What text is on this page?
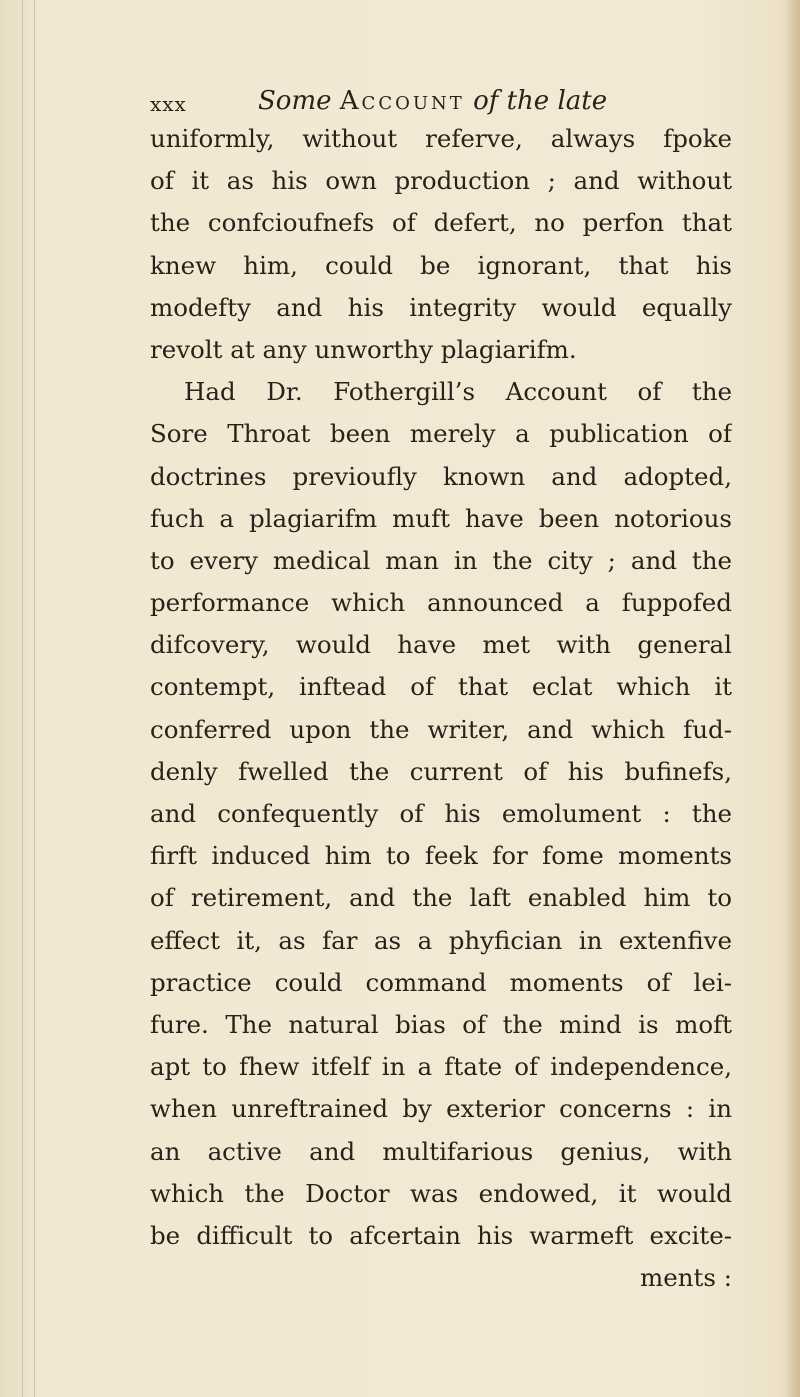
xxx	Some Account of the late
uniformly, without referve, always fpoke
of it as his own production ; and without
the confcioufnefs of defert, no perfon that
knew him, could be ignorant, that his
modefty and his integrity would equally
revolt at any unworthy plagiarifm.
Had Dr. Fothergill’s Account of the
Sore Throat been merely a publication of
doctrines previoufly known and adopted,
fuch a plagiarifm muft have been notorious
to every medical man in the city ; and the
performance which announced a fuppofed
difcovery, would have met with general
contempt, inftead of that eclat which it
conferred upon the writer, and which fud-
denly fwelled the current of his bufinefs,
and confequently of his emolument : the
firft induced him to feek for fome moments
of retirement, and the laft enabled him to
effect it, as far as a phyfician in extenfive
practice could command moments of lei-
fure. The natural bias of the mind is moft
apt to fhew itfelf in a ftate of independence,
when unreftrained by exterior concerns : in
an active and multifarious genius, with
which the Doctor was endowed, it would
be difficult to afcertain his warmeft excite-
ments :
